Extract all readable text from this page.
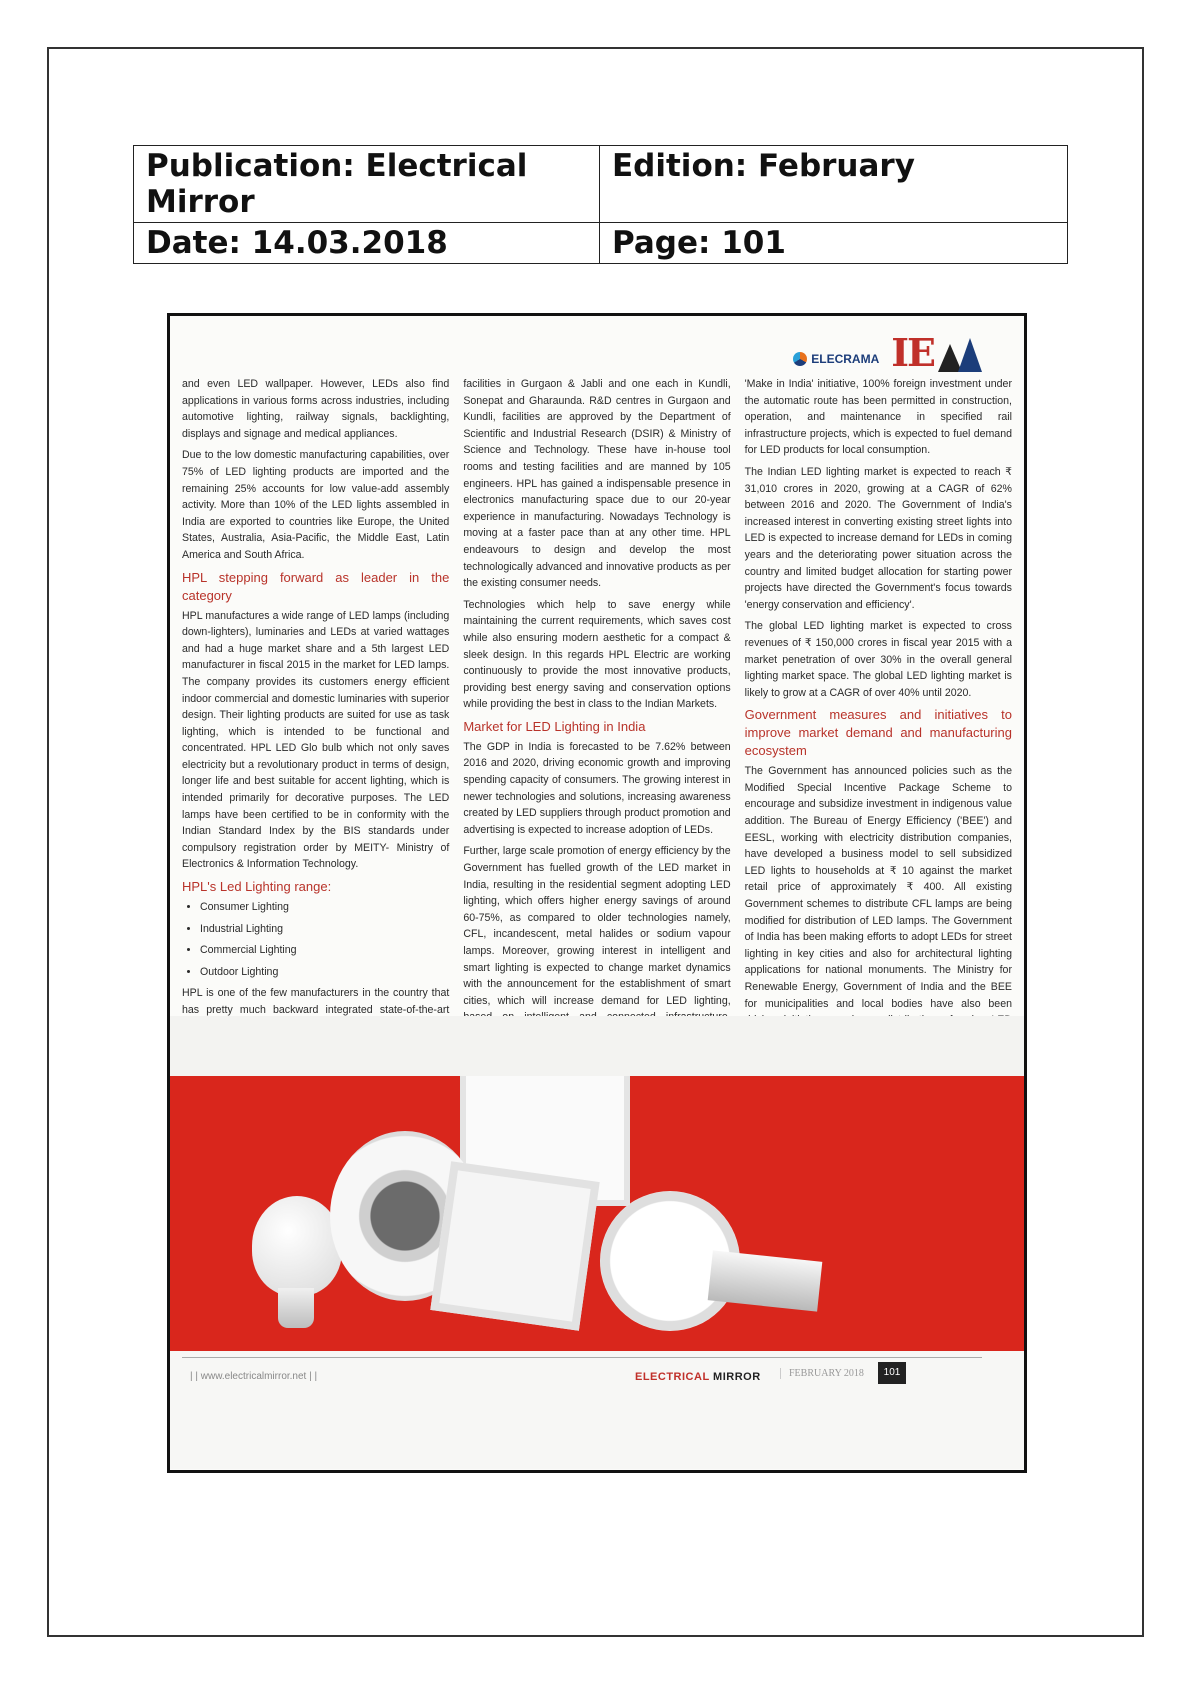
Publication: Electrical Mirror	Edition: February
Date: 14.03.2018	Page: 101
ELECRAMA IE

and even LED wallpaper. However, LEDs also find applications in various forms across industries, including automotive lighting, railway signals, backlighting, displays and signage and medical appliances.

Due to the low domestic manufacturing capabilities, over 75% of LED lighting products are imported and the remaining 25% accounts for low value-add assembly activity. More than 10% of the LED lights assembled in India are exported to countries like Europe, the United States, Australia, Asia-Pacific, the Middle East, Latin America and South Africa.

HPL stepping forward as leader in the category

HPL manufactures a wide range of LED lamps (including down-lighters), luminaries and LEDs at varied wattages and had a huge market share and a 5th largest LED manufacturer in fiscal 2015 in the market for LED lamps. The company provides its customers energy efficient indoor commercial and domestic luminaries with superior design. Their lighting products are suited for use as task lighting, which is intended to be functional and concentrated. HPL LED Glo bulb which not only saves electricity but a revolutionary product in terms of design, longer life and best suitable for accent lighting, which is intended primarily for decorative purposes. The LED lamps have been certified to be in conformity with the Indian Standard Index by the BIS standards under compulsory registration order by MEITY- Ministry of Electronics & Information Technology.

HPL's Led Lighting range:
• Consumer Lighting
• Industrial Lighting
• Commercial Lighting
• Outdoor Lighting

HPL is one of the few manufacturers in the country that has pretty much backward integrated state-of-the-art

facilities in Gurgaon & Jabli and one each in Kundli, Sonepat and Gharaunda. R&D centres in Gurgaon and Kundli, facilities are approved by the Department of Scientific and Industrial Research (DSIR) & Ministry of Science and Technology. These have in-house tool rooms and testing facilities and are manned by 105 engineers. HPL has gained a indispensable presence in electronics manufacturing space due to our 20-year experience in manufacturing. Nowadays Technology is moving at a faster pace than at any other time. HPL endeavours to design and develop the most technologically advanced and innovative products as per the existing consumer needs.

Technologies which help to save energy while maintaining the current requirements, which saves cost while also ensuring modern aesthetic for a compact & sleek design. In this regards HPL Electric are working continuously to provide the most innovative products, providing best energy saving and conservation options while providing the best in class to the Indian Markets.

Market for LED Lighting in India

The GDP in India is forecasted to be 7.62% between 2016 and 2020, driving economic growth and improving spending capacity of consumers. The growing interest in newer technologies and solutions, increasing awareness created by LED suppliers through product promotion and advertising is expected to increase adoption of LEDs.

Further, large scale promotion of energy efficiency by the Government has fuelled growth of the LED market in India, resulting in the residential segment adopting LED lighting, which offers higher energy savings of around 60-75%, as compared to older technologies namely, CFL, incandescent, metal halides or sodium vapour lamps. Moreover, growing interest in intelligent and smart lighting is expected to change market dynamics with the announcement for the establishment of smart cities, which will increase demand for LED lighting,

'Make in India' initiative, 100% foreign investment under the automatic route has been permitted in construction, operation, and maintenance in specified rail infrastructure projects, which is expected to fuel demand for LED products for local consumption.

The Indian LED lighting market is expected to reach ₹ 31,010 crores in 2020, growing at a CAGR of 62% between 2016 and 2020. The Government of India's increased interest in converting existing street lights into LED is expected to increase demand for LEDs in coming years and the deteriorating power situation across the country and limited budget allocation for starting power projects have directed the Government's focus towards 'energy conservation and efficiency'.

The global LED lighting market is expected to cross revenues of ₹ 150,000 crores in fiscal year 2015 with a market penetration of over 30% in the overall general lighting market space. The global LED lighting market is likely to grow at a CAGR of over 40% until 2020.

Government measures and initiatives to improve market demand and manufacturing ecosystem

The Government has announced policies such as the Modified Special Incentive Package Scheme to encourage and subsidize investment in indigenous value addition. The Bureau of Energy Efficiency ('BEE') and EESL, working with electricity distribution companies, have developed a business model to sell subsidized LED lights to households at ₹ 10 against the market retail price of approximately ₹ 400. All existing Government schemes to distribute CFL lamps are being modified for distribution of LED lamps. The Government of India has been making efforts to adopt LEDs for street lighting in key cities and also for architectural lighting applications for national monuments. The Ministry for Renewable Energy, Government of India and the BEE for municipalities and local bodies have also been

| | www.electricalmirror.net | |	ELECTRICAL MIRROR	FEBRUARY 2018	101
